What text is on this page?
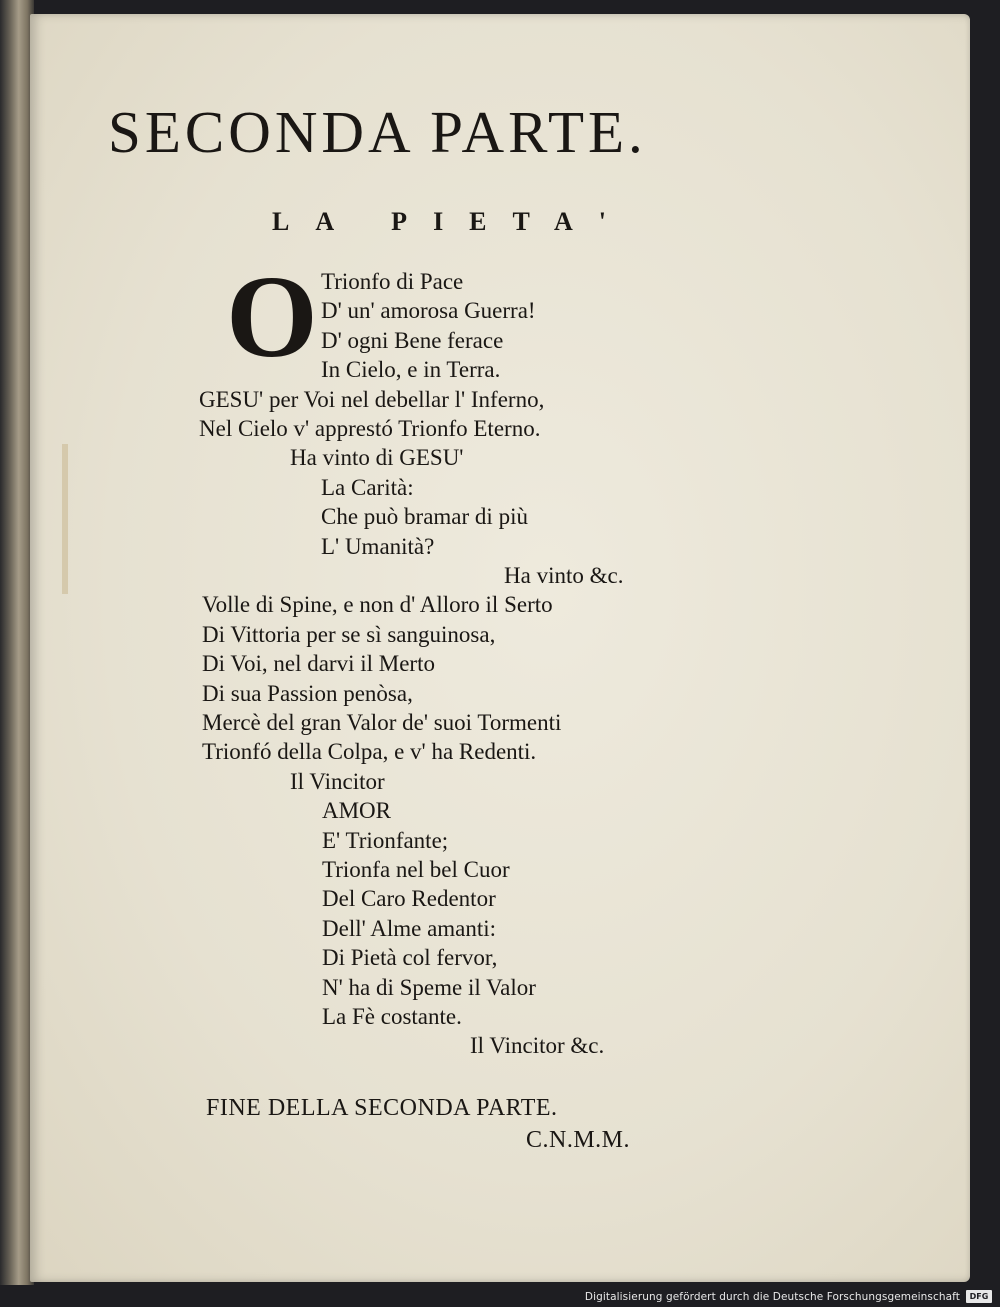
SECONDA PARTE.
LA PIETA'
O Trionfo di Pace

D' un' amorosa Guerra!

D' ogni Bene ferace

In Cielo, e in Terra.

GESU' per Voi nel debellar l' Inferno,

Nel Cielo v' apprestó Trionfo Eterno.

Ha vinto di GESU'

La Carità:

Che può bramar di più

L' Umanità?

Ha vinto &c.

Volle di Spine, e non d' Alloro il Serto

Di Vittoria per se sì sanguinosa,

Di Voi, nel darvi il Merto

Di sua Passion penòsa,

Mercè del gran Valor de' suoi Tormenti

Trionfó della Colpa, e v' ha Redenti.

Il Vincitor

AMOR

E' Trionfante;

Trionfa nel bel Cuor

Del Caro Redentor

Dell' Alme amanti:

Di Pietà col fervor,

N' ha di Speme il Valor

La Fè costante.

Il Vincitor &c.

FINE DELLA SECONDA PARTE.
C.N.M.M.
Digitalisierung gefördert durch die Deutsche Forschungsgemeinschaft	DFG
